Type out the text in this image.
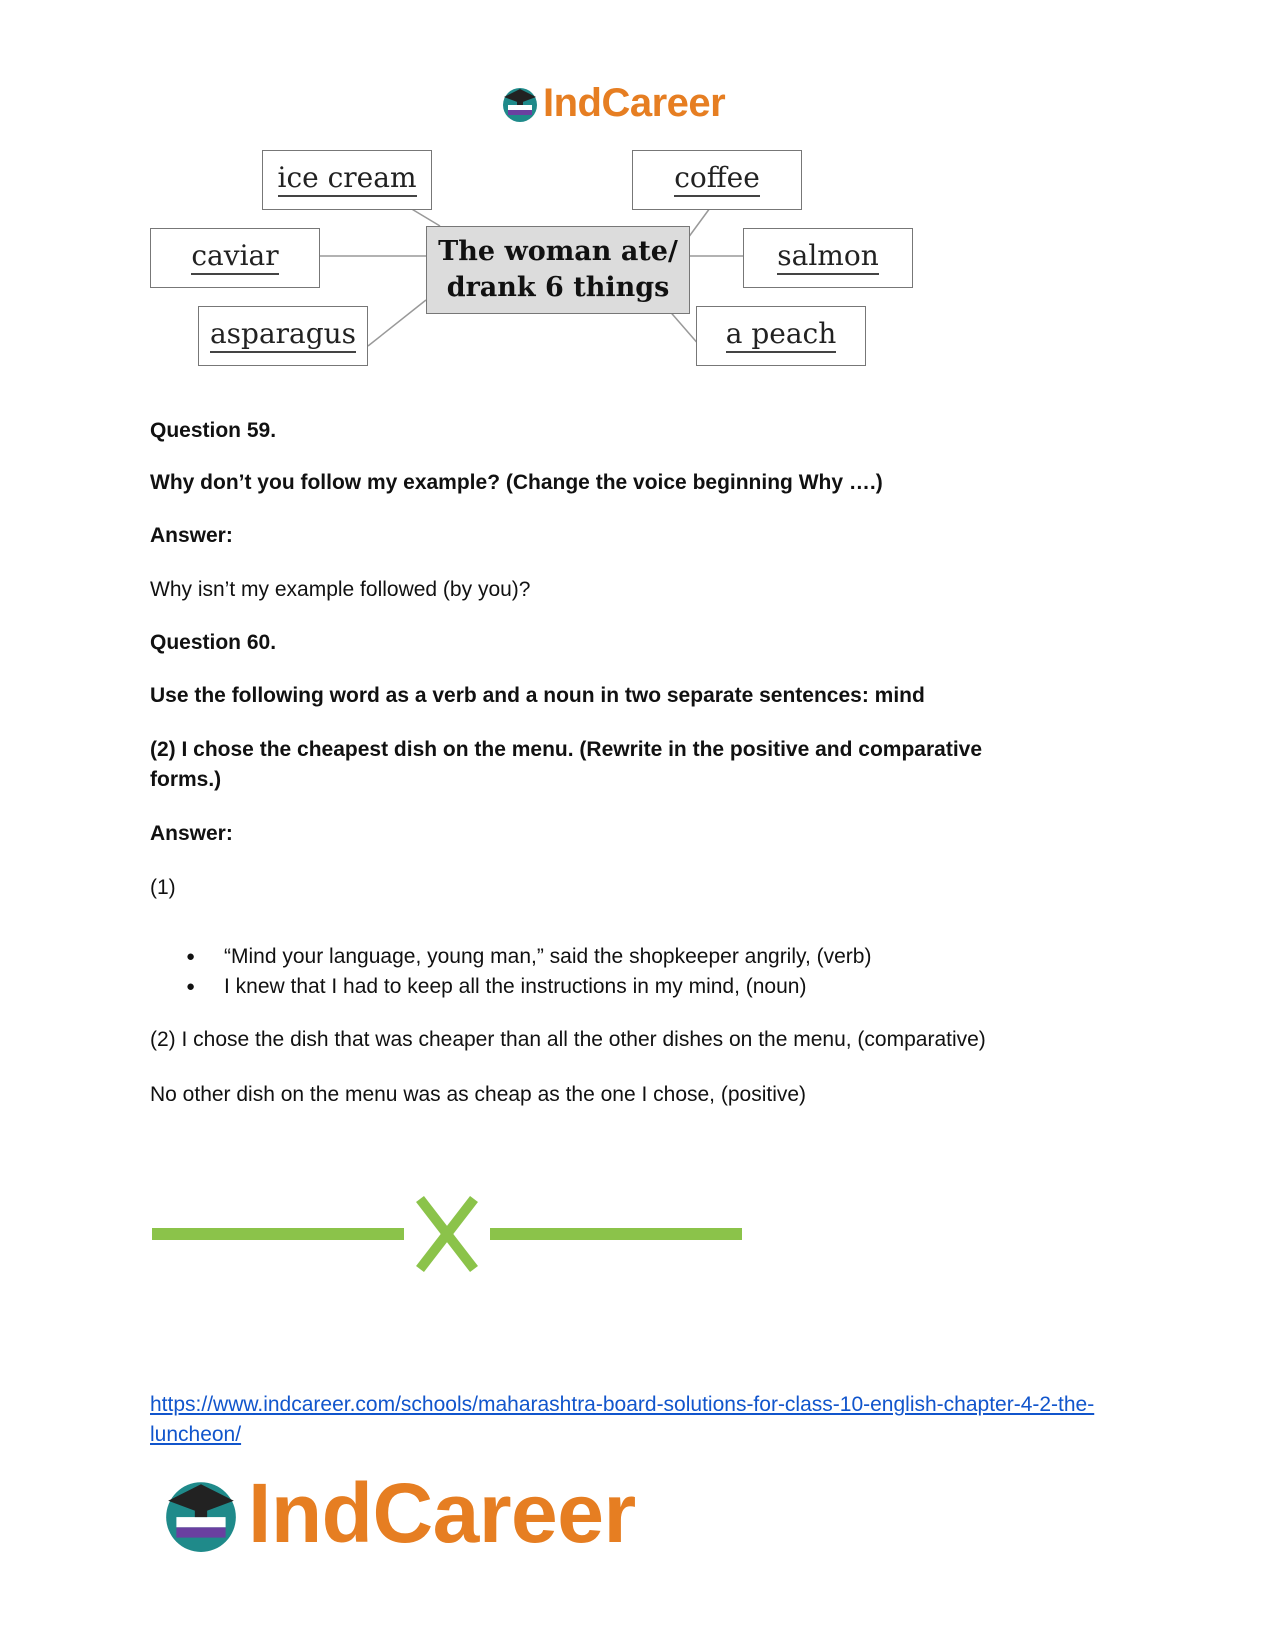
IndCareer
ice cream	coffee
caviar	salmon
asparagus	a peach
The woman ate/
drank 6 things
Question 59.
Why don’t you follow my example? (Change the voice beginning Why ….)
Answer:
Why isn’t my example followed (by you)?
Question 60.
Use the following word as a verb and a noun in two separate sentences: mind
(2) I chose the cheapest dish on the menu. (Rewrite in the positive and comparative forms.)
Answer:
(1)
● “Mind your language, young man,” said the shopkeeper angrily, (verb)
● I knew that I had to keep all the instructions in my mind, (noun)
(2) I chose the dish that was cheaper than all the other dishes on the menu, (comparative)
No other dish on the menu was as cheap as the one I chose, (positive)
https://www.indcareer.com/schools/maharashtra-board-solutions-for-class-10-english-chapter-4-2-the-luncheon/
IndCareer
